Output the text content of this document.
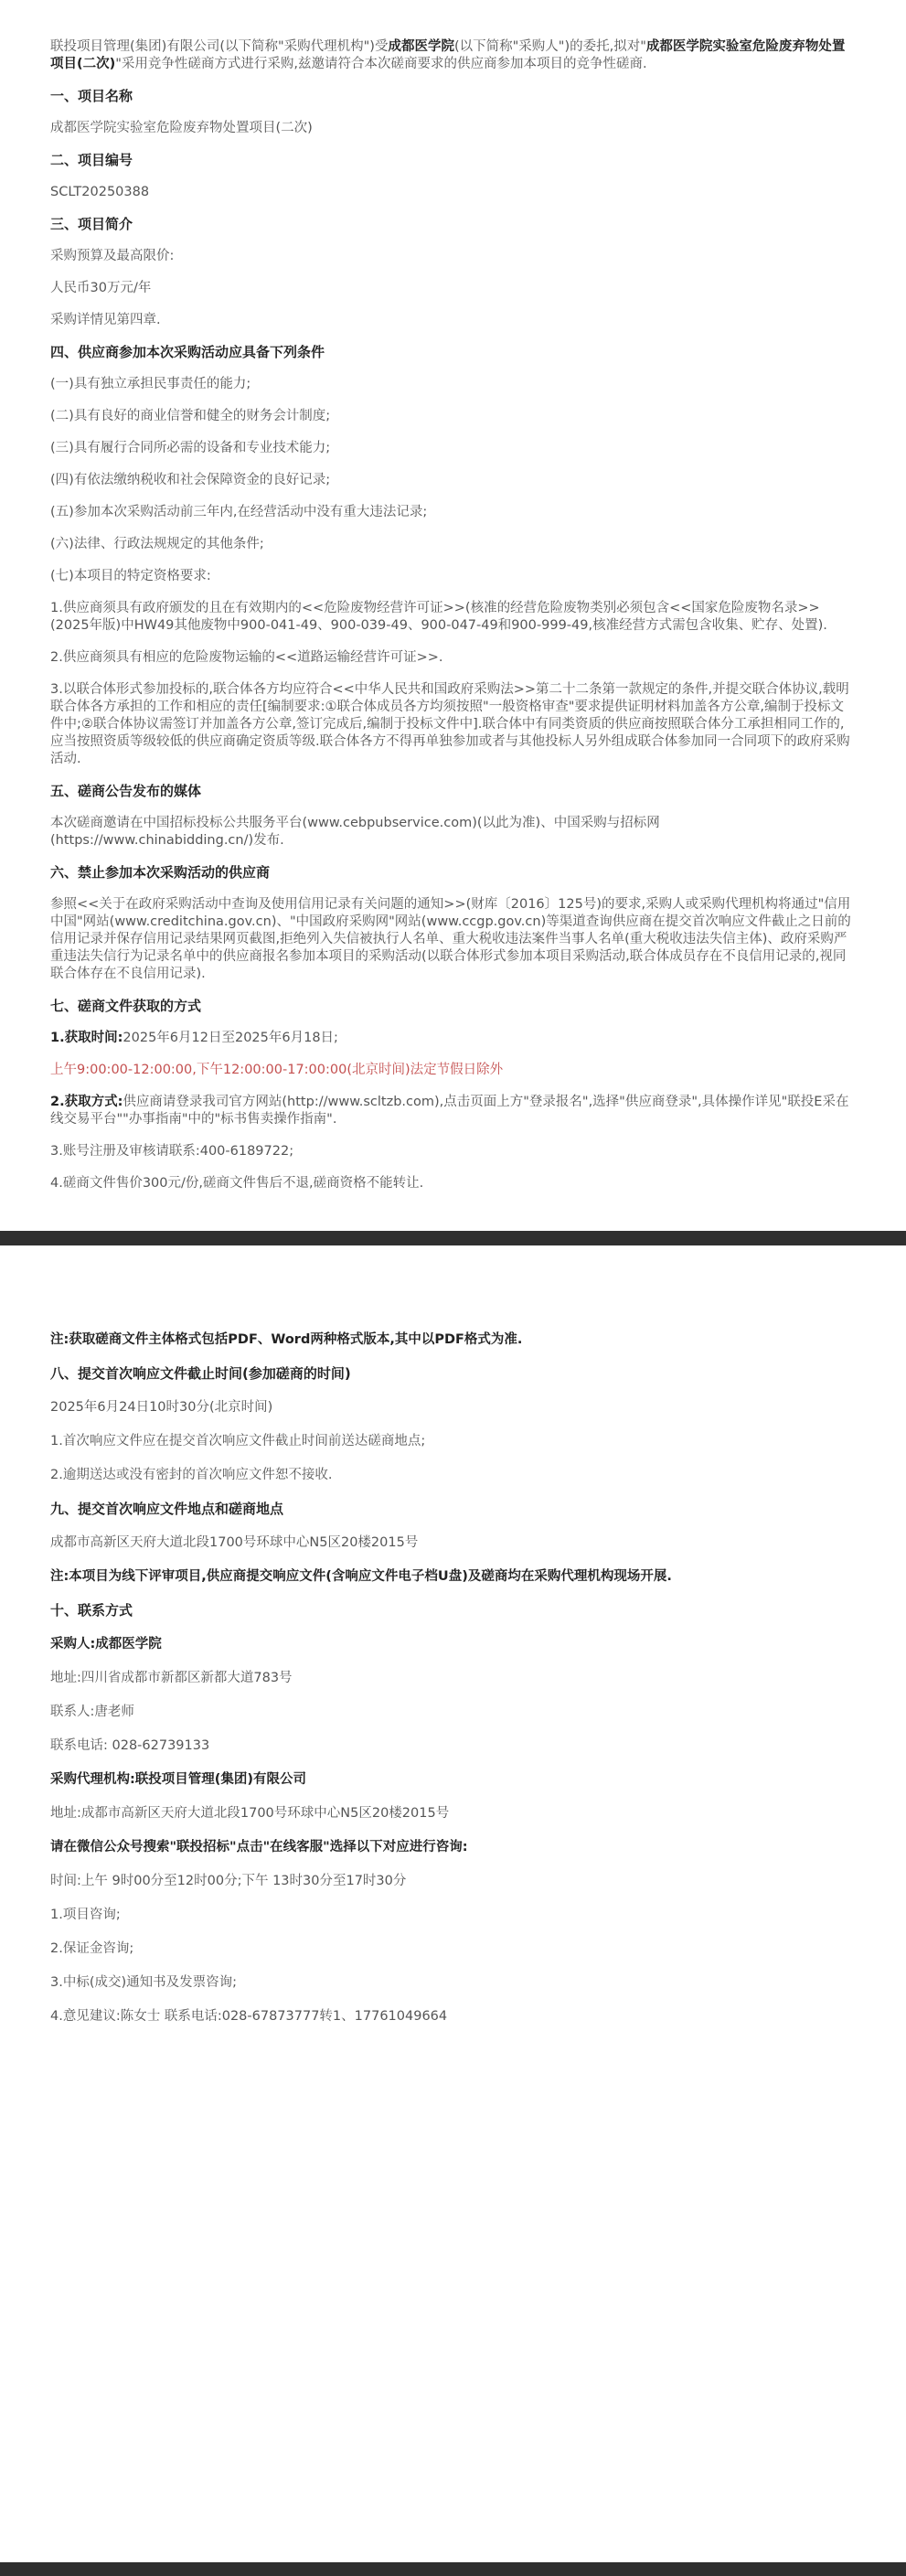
联投项目管理(集团)有限公司(以下简称"采购代理机构")受成都医学院(以下简称"采购人")的委托,拟对"成都医学院实验室危险废弃物处置项目(二次)"采用竞争性磋商方式进行采购,兹邀请符合本次磋商要求的供应商参加本项目的竞争性磋商.

一、项目名称

成都医学院实验室危险废弃物处置项目(二次)

二、项目编号

SCLT20250388

三、项目简介

采购预算及最高限价:

人民币30万元/年

采购详情见第四章.

四、供应商参加本次采购活动应具备下列条件

(一)具有独立承担民事责任的能力;

(二)具有良好的商业信誉和健全的财务会计制度;

(三)具有履行合同所必需的设备和专业技术能力;

(四)有依法缴纳税收和社会保障资金的良好记录;

(五)参加本次采购活动前三年内,在经营活动中没有重大违法记录;

(六)法律、行政法规规定的其他条件;

(七)本项目的特定资格要求:

1.供应商须具有政府颁发的且在有效期内的<<危险废物经营许可证>>(核准的经营危险废物类别必须包含<<国家危险废物名录>>(2025年版)中HW49其他废物中900-041-49、900-039-49、900-047-49和900-999-49,核准经营方式需包含收集、贮存、处置).

2.供应商须具有相应的危险废物运输的<<道路运输经营许可证>>.

3.以联合体形式参加投标的,联合体各方均应符合<<中华人民共和国政府采购法>>第二十二条第一款规定的条件,并提交联合体协议,载明联合体各方承担的工作和相应的责任[编制要求:①联合体成员各方均须按照"一般资格审查"要求提供证明材料加盖各方公章,编制于投标文件中;②联合体协议需签订并加盖各方公章,签订完成后,编制于投标文件中].联合体中有同类资质的供应商按照联合体分工承担相同工作的,应当按照资质等级较低的供应商确定资质等级.联合体各方不得再单独参加或者与其他投标人另外组成联合体参加同一合同项下的政府采购活动.

五、磋商公告发布的媒体

本次磋商邀请在中国招标投标公共服务平台(www.cebpubservice.com)(以此为准)、中国采购与招标网(https://www.chinabidding.cn/)发布.

六、禁止参加本次采购活动的供应商

参照<<关于在政府采购活动中查询及使用信用记录有关问题的通知>>(财库〔2016〕125号)的要求,采购人或采购代理机构将通过"信用中国"网站(www.creditchina.gov.cn)、"中国政府采购网"网站(www.ccgp.gov.cn)等渠道查询供应商在提交首次响应文件截止之日前的信用记录并保存信用记录结果网页截图,拒绝列入失信被执行人名单、重大税收违法案件当事人名单(重大税收违法失信主体)、政府采购严重违法失信行为记录名单中的供应商报名参加本项目的采购活动(以联合体形式参加本项目采购活动,联合体成员存在不良信用记录的,视同联合体存在不良信用记录).

七、磋商文件获取的方式

1.获取时间:2025年6月12日至2025年6月18日;

上午9:00:00-12:00:00,下午12:00:00-17:00:00(北京时间)法定节假日除外

2.获取方式:供应商请登录我司官方网站(http://www.scltzb.com),点击页面上方"登录报名",选择"供应商登录",具体操作详见"联投E采在线交易平台""办事指南"中的"标书售卖操作指南".

3.账号注册及审核请联系:400-6189722;

4.磋商文件售价300元/份,磋商文件售后不退,磋商资格不能转让.

注:获取磋商文件主体格式包括PDF、Word两种格式版本,其中以PDF格式为准.

八、提交首次响应文件截止时间(参加磋商的时间)

2025年6月24日10时30分(北京时间)

1.首次响应文件应在提交首次响应文件截止时间前送达磋商地点;

2.逾期送达或没有密封的首次响应文件恕不接收.

九、提交首次响应文件地点和磋商地点

成都市高新区天府大道北段1700号环球中心N5区20楼2015号

注:本项目为线下评审项目,供应商提交响应文件(含响应文件电子档U盘)及磋商均在采购代理机构现场开展.

十、联系方式

采购人:成都医学院

地址:四川省成都市新都区新都大道783号

联系人:唐老师

联系电话: 028-62739133

采购代理机构:联投项目管理(集团)有限公司

地址:成都市高新区天府大道北段1700号环球中心N5区20楼2015号

请在微信公众号搜索"联投招标"点击"在线客服"选择以下对应进行咨询:

时间:上午 9时00分至12时00分;下午 13时30分至17时30分

1.项目咨询;

2.保证金咨询;

3.中标(成交)通知书及发票咨询;

4.意见建议:陈女士 联系电话:028-67873777转1、17761049664
